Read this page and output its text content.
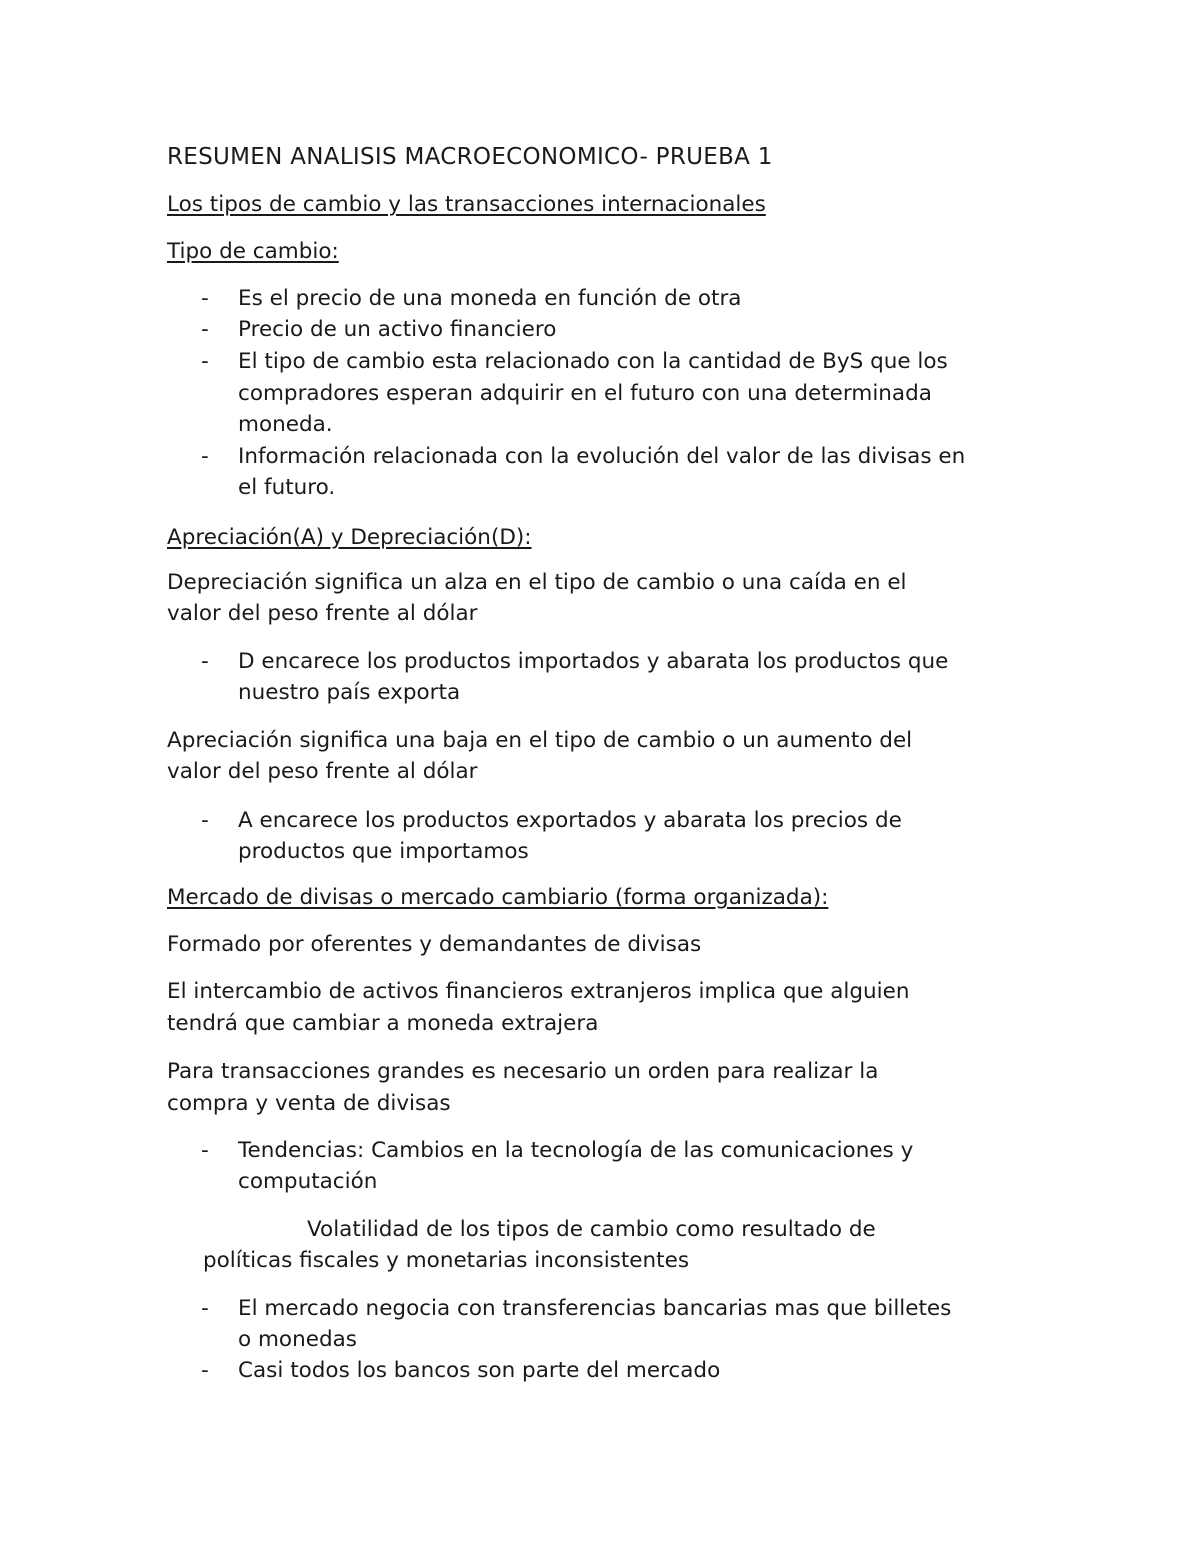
RESUMEN ANALISIS MACROECONOMICO- PRUEBA 1
Los tipos de cambio y las transacciones internacionales
Tipo de cambio:
- Es el precio de una moneda en función de otra
- Precio de un activo financiero
- El tipo de cambio esta relacionado con la cantidad de ByS que los
compradores esperan adquirir en el futuro con una determinada
moneda.
- Información relacionada con la evolución del valor de las divisas en
el futuro.
Apreciación(A) y Depreciación(D):
Depreciación significa un alza en el tipo de cambio o una caída en el
valor del peso frente al dólar
- D encarece los productos importados y abarata los productos que
nuestro país exporta
Apreciación significa una baja en el tipo de cambio o un aumento del
valor del peso frente al dólar
- A encarece los productos exportados y abarata los precios de
productos que importamos
Mercado de divisas o mercado cambiario (forma organizada):
Formado por oferentes y demandantes de divisas
El intercambio de activos financieros extranjeros implica que alguien
tendrá que cambiar a moneda extrajera
Para transacciones grandes es necesario un orden para realizar la
compra y venta de divisas
- Tendencias: Cambios en la tecnología de las comunicaciones y
computación
Volatilidad de los tipos de cambio como resultado de
políticas fiscales y monetarias inconsistentes
- El mercado negocia con transferencias bancarias mas que billetes
o monedas
- Casi todos los bancos son parte del mercado
